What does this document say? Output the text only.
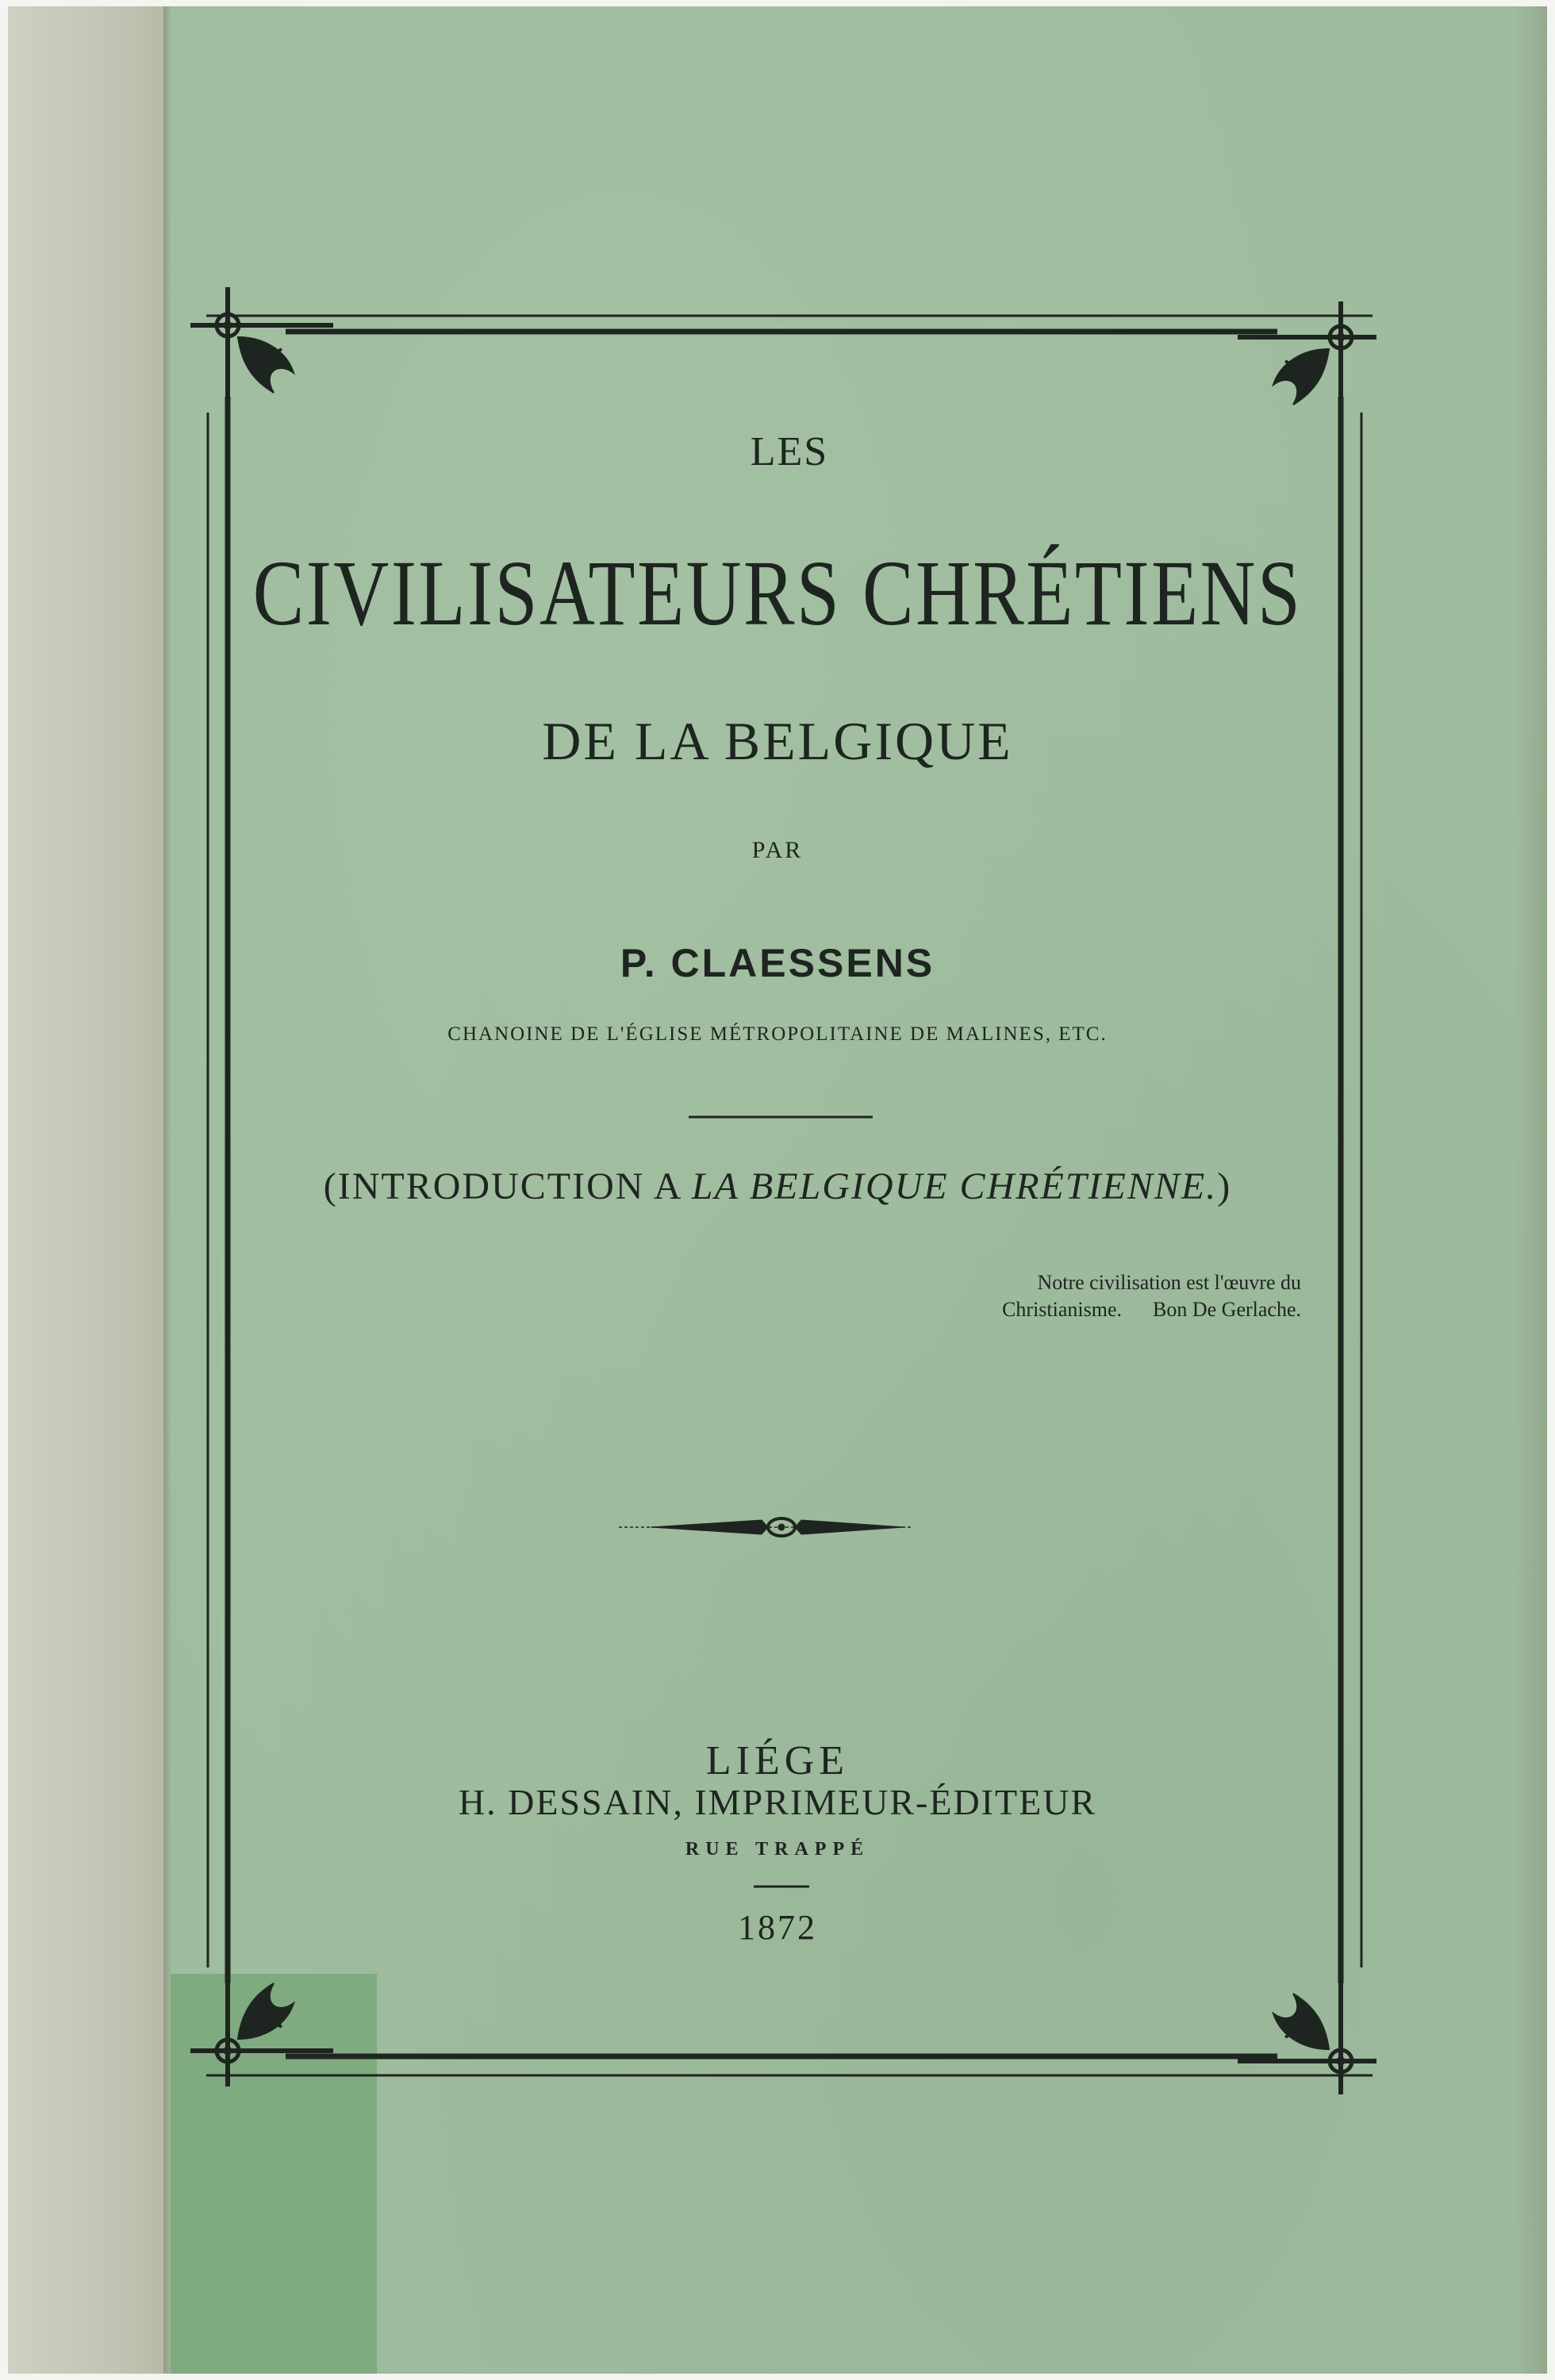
LES
CIVILISATEURS CHRÉTIENS
DE LA BELGIQUE
PAR
P. CLAESSENS
CHANOINE DE L'ÉGLISE MÉTROPOLITAINE DE MALINES, ETC.
(INTRODUCTION A LA BELGIQUE CHRÉTIENNE.)
Notre civilisation est l'œuvre du
Christianisme.      Bon De Gerlache.
LIÉGE
H. DESSAIN, IMPRIMEUR-ÉDITEUR
RUE TRAPPÉ
1872
